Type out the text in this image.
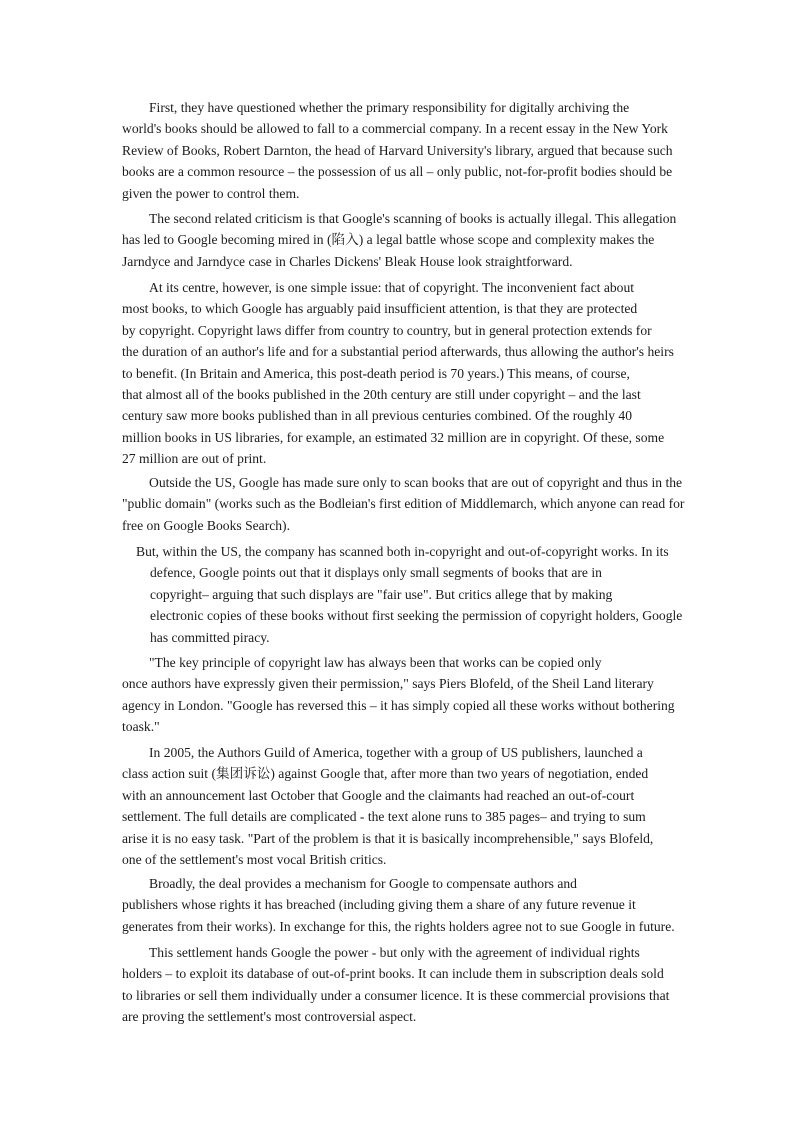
First, they have questioned whether the primary responsibility for digitally archiving the
world's books should be allowed to fall to a commercial company. In a recent essay in the New York
Review of Books, Robert Darnton, the head of Harvard University's library, argued that because such
books are a common resource – the possession of us all – only public, not-for-profit bodies should be
given the power to control them.

The second related criticism is that Google's scanning of books is actually illegal. This allegation
has led to Google becoming mired in (陷入) a legal battle whose scope and complexity makes the
Jarndyce and Jarndyce case in Charles Dickens' Bleak House look straightforward.

At its centre, however, is one simple issue: that of copyright. The inconvenient fact about
most books, to which Google has arguably paid insufficient attention, is that they are protected
by copyright. Copyright laws differ from country to country, but in general protection extends for
the duration of an author's life and for a substantial period afterwards, thus allowing the author's heirs
to benefit. (In Britain and America, this post-death period is 70 years.) This means, of course,
that almost all of the books published in the 20th century are still under copyright – and the last
century saw more books published than in all previous centuries combined. Of the roughly 40
million books in US libraries, for example, an estimated 32 million are in copyright. Of these, some
27 million are out of print.

Outside the US, Google has made sure only to scan books that are out of copyright and thus in the
"public domain" (works such as the Bodleian's first edition of Middlemarch, which anyone can read for
free on Google Books Search).

But, within the US, the company has scanned both in-copyright and out-of-copyright works. In its
defence, Google points out that it displays only small segments of books that are in
copyright– arguing that such displays are "fair use". But critics allege that by making
electronic copies of these books without first seeking the permission of copyright holders, Google
has committed piracy.

"The key principle of copyright law has always been that works can be copied only
once authors have expressly given their permission," says Piers Blofeld, of the Sheil Land literary
agency in London. "Google has reversed this – it has simply copied all these works without bothering
toask."

In 2005, the Authors Guild of America, together with a group of US publishers, launched a
class action suit (集团诉讼) against Google that, after more than two years of negotiation, ended
with an announcement last October that Google and the claimants had reached an out-of-court
settlement. The full details are complicated - the text alone runs to 385 pages– and trying to sum
arise it is no easy task. "Part of the problem is that it is basically incomprehensible," says Blofeld,
one of the settlement's most vocal British critics.

Broadly, the deal provides a mechanism for Google to compensate authors and
publishers whose rights it has breached (including giving them a share of any future revenue it
generates from their works). In exchange for this, the rights holders agree not to sue Google in future.

This settlement hands Google the power - but only with the agreement of individual rights
holders – to exploit its database of out-of-print books. It can include them in subscription deals sold
to libraries or sell them individually under a consumer licence. It is these commercial provisions that
are proving the settlement's most controversial aspect.
